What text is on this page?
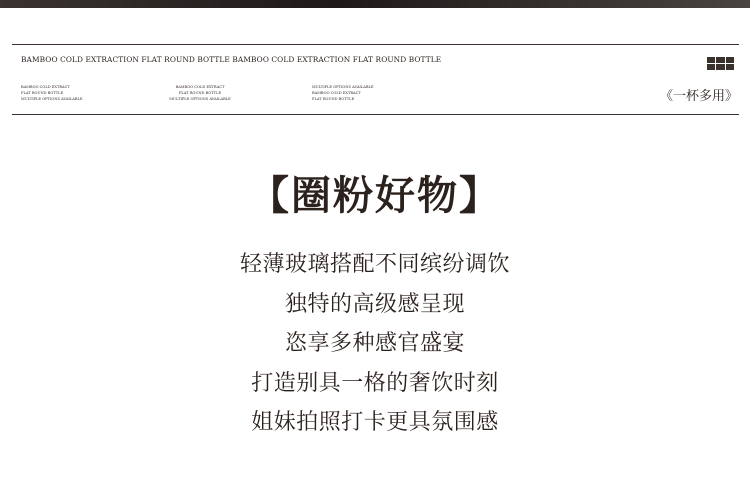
BAMBOO COLD EXTRACTION FLAT ROUND BOTTLE BAMBOO COLD EXTRACTION FLAT ROUND BOTTLE
BAMBOO COLD EXTRACT
FLAT ROUND BOTTLE
MULTIPLE OPTIONS AVAILABLE
BAMBOO COLD EXTRACT
FLAT ROUND BOTTLE
MULTIPLE OPTIONS AVAILABLE
MULTIPLE OPTIONS AVAILABLE
BAMBOO COLD EXTRACT
FLAT ROUND BOTTLE	《一杯多用》
【圈粉好物】
轻薄玻璃搭配不同缤纷调饮
独特的高级感呈现
恣享多种感官盛宴
打造别具一格的奢饮时刻
姐妹拍照打卡更具氛围感
